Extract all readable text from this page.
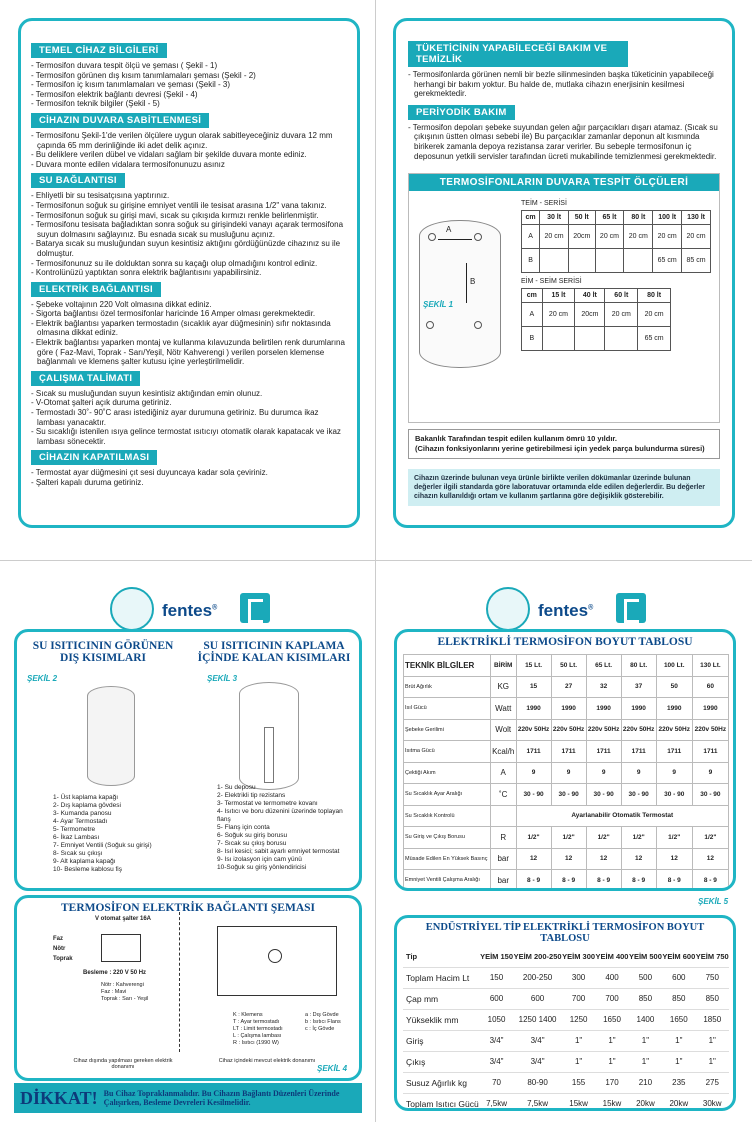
TEMEL CİHAZ BİLGİLERİ
- Termosifon duvara tespit ölçü ve şeması ( Şekil - 1)
- Termosifon görünen dış kısım tanımlamaları şeması (Şekil - 2)
- Termosifon iç kısım tanımlamaları ve şeması (Şekil - 3)
- Termosifon elektrik bağlantı devresi (Şekil - 4)
- Termosifon teknik bilgiler (Şekil - 5)
CİHAZIN DUVARA SABİTLENMESİ
- Termosifonu Şekil-1'de verilen ölçülere uygun olarak sabitleyeceğiniz duvara 12 mm çapında 65 mm derinliğinde iki adet delik açınız.
- Bu deliklere verilen dübel ve vidaları sağlam bir şekilde duvara monte ediniz.
- Duvara monte edilen vidalara termosifonunuzu asınız
SU BAĞLANTISI
- Ehliyetli bir su tesisatçısına yaptırınız.
- Termosifonun soğuk su girişine emniyet ventili ile tesisat arasına 1/2" vana takınız.
- Termosifonun soğuk su girişi mavi, sıcak su çıkışıda kırmızı renkle belirlenmiştir.
- Termosifonu tesisata bağladıktan sonra soğuk su girişindeki vanayı açarak termosifona suyun dolmasını sağlayınız. Bu esnada sıcak su musluğunu açınız.
- Batarya sıcak su musluğundan suyun kesintisiz aktığını gördüğünüzde cihazınız su ile dolmuştur.
- Termosifonunuz su ile dolduktan sonra su kaçağı olup olmadığını kontrol ediniz.
- Kontrolünüzü yaptıktan sonra elektrik bağlantısını yapabilirsiniz.
ELEKTRİK BAĞLANTISI
- Şebeke voltajının 220 Volt olmasına dikkat ediniz.
- Sigorta bağlantısı özel termosifonlar haricinde 16 Amper olması gerekmektedir.
- Elektrik bağlantısı yaparken termostadın (sıcaklık ayar düğmesinin) sıfır noktasında olmasına dikkat ediniz.
- Elektrik bağlantısı yaparken montaj ve kullanma kılavuzunda belirtilen renk durumlarına göre ( Faz-Mavi, Toprak - Sarı/Yeşil, Nötr Kahverengi ) verilen porselen klemense bağlanmalı ve klemens şalter kutusu içine yerleştirilmelidir.
ÇALIŞMA TALİMATI
- Sıcak su musluğundan suyun kesintisiz aktığından emin olunuz.
- V-Otomat şalteri açık duruma getiriniz.
- Termostadı 30˚- 90˚C arası istediğiniz ayar durumuna getiriniz. Bu durumca ikaz lambası yanacaktır.
- Su sıcaklığı istenilen ısıya gelince termostat ısıtıcıyı otomatik olarak kapatacak ve ikaz lambası sönecektir.
CİHAZIN KAPATILMASI
- Termostat ayar düğmesini çıt sesi duyuncaya kadar sola çeviriniz.
- Şalteri kapalı duruma getiriniz.
TÜKETİCİNİN YAPABİLECEĞİ BAKIM VE TEMİZLİK

- Termosifonlarda görünen nemli bir bezle silinmesinden başka tüketicinin yapabileceği herhangi bir bakım yoktur. Bu halde de, mutlaka cihazın enerjisinin kesilmesi gerekmektedir.

PERİYODİK BAKIM

- Termosifon depoları şebeke suyundan gelen ağır parçacıkları dışarı atamaz. (Sıcak su çıkışının üstten olması sebebi ile) Bu parçacıklar zamanlar deponun alt kısmında birikerek zamanla depoya rezistansa zarar verirler. Bu sebeple termosifonun iç deposunun yetkili servisler tarafından ücreti mukabilinde temizlenmesi gerekmektedir.

TERMOSİFONLARIN DUVARA TESPİT ÖLÇÜLERİ
A
B
ŞEKİL 1
TEİM - SERİSİ
cm	30 lt	50 lt	65 lt	80 lt	100 lt	130 lt
A	20 cm	20cm	20 cm	20 cm	20 cm	20 cm
B					65 cm	85 cm
EİM - SEİM SERİSİ
cm	15 lt	40 lt	60 lt	80 lt
A	20 cm	20cm	20 cm	20 cm
B				65 cm
Bakanlık Tarafından tespit edilen kullanım ömrü 10 yıldır.
(Cihazın fonksiyonlarını yerine getirebilmesi için yedek parça bulundurma süresi)
Cihazın üzerinde bulunan veya ürünle birlikte verilen dökümanlar üzerinde bulunan değerler ilgili standarda göre laboratuvar ortamında elde edilen değerlerdir. Bu değerler cihazın kullanıldığı ortam ve kullanım şartlarına göre değişiklik gösterebilir.
fentes®
SU ISITICININ GÖRÜNEN DIŞ KISIMLARI
SU ISITICININ KAPLAMA İÇİNDE KALAN KISIMLARI
ŞEKİL 2	ŞEKİL 3
1- Üst kaplama kapağı
2- Dış kaplama gövdesi
3- Kumanda panosu
4- Ayar Termostadı
5- Termometre
6- İkaz Lambası
7- Emniyet Ventili (Soğuk su girişi)
8- Sıcak su çıkışı
9- Alt kaplama kapağı
10- Besleme kablosu fiş
1- Su deposu
2- Elektrikli tip rezistans
3- Termostat ve termometre kovanı
4- Isıtıcı ve boru düzenini üzerinde toplayan flanş
5- Flanş için conta
6- Soğuk su giriş borusu
7- Sıcak su çıkış borusu
8- Isıl kesici; sabit ayarlı emniyet termostat
9- Isı izolasyon için cam yünü
10-Soğuk su giriş yönlendiricisi
TERMOSİFON ELEKTRİK BAĞLANTI ŞEMASI
V otomat şalter 16A
Faz
Nötr
Toprak
Besleme : 220 V 50 Hz
Nötr : Kahverengi
Faz : Mavi
Toprak : Sarı - Yeşil
K : Klemens
T : Ayar termostadı
LT : Limit termostadı
L : Çalışma lambası
R : Isıtıcı (1990 W)
a : Dış Gövde
b : Isıtıcı Flans
c : İç Gövde
Cihaz dışında yapılması gereken elektrik donanımı
Cihaz içindeki mevcut elektrik donanımı
ŞEKİL 4
DİKKAT! Bu Cihaz Topraklanmalıdır. Bu Cihazın Bağlantı Düzenleri Üzerinde Çalışırken, Besleme Devreleri Kesilmelidir.
fentes®
ELEKTRİKLİ TERMOSİFON BOYUT TABLOSU
TEKNİK BİLGİLER	BİRİM	15 Lt.	50 Lt.	65 Lt.	80 Lt.	100 Lt.	130 Lt.
Brüt Ağırlık	KG	15	27	32	37	50	60
Isıl Gücü	Watt	1990	1990	1990	1990	1990	1990
Şebeke Gerilimi	Wolt	220v 50Hz	220v 50Hz	220v 50Hz	220v 50Hz	220v 50Hz	220v 50Hz
Isıtma Gücü	Kcal/h	1711	1711	1711	1711	1711	1711
Çektiği Akım	A	9	9	9	9	9	9
Su Sıcaklık Ayar Aralığı	˚C	30 - 90	30 - 90	30 - 90	30 - 90	30 - 90	30 - 90
Su Sıcaklık Kontrolü		Ayarlanabilir Otomatik Termostat					
Su Giriş ve Çıkış Borusu	R	1/2"	1/2"	1/2"	1/2"	1/2"	1/2"
Müsade Edilen En Yüksek Basınç	bar	12	12	12	12	12	12
Emniyet Ventili Çalışma Aralığı	bar	8 - 9	8 - 9	8 - 9	8 - 9	8 - 9	8 - 9

ŞEKİL 5
ENDÜSTRİYEL TİP ELEKTRİKLİ TERMOSİFON BOYUT TABLOSU
Tip	YEİM 150	YEİM 200-250	YEİM 300	YEİM 400	YEİM 500	YEİM 600	YEİM 750
Toplam Hacim Lt	150	200-250	300	400	500	600	750
Çap mm	600	600	700	700	850	850	850
Yükseklik mm	1050	1250 1400	1250	1650	1400	1650	1850
Giriş	3/4"	3/4"	1"	1"	1"	1"	1"
Çıkış	3/4"	3/4"	1"	1"	1"	1"	1"
Susuz Ağırlık kg	70	80-90	155	170	210	235	275
Toplam Isıtıcı Gücü	7,5kw	7,5kw	15kw	15kw	20kw	20kw	30kw
